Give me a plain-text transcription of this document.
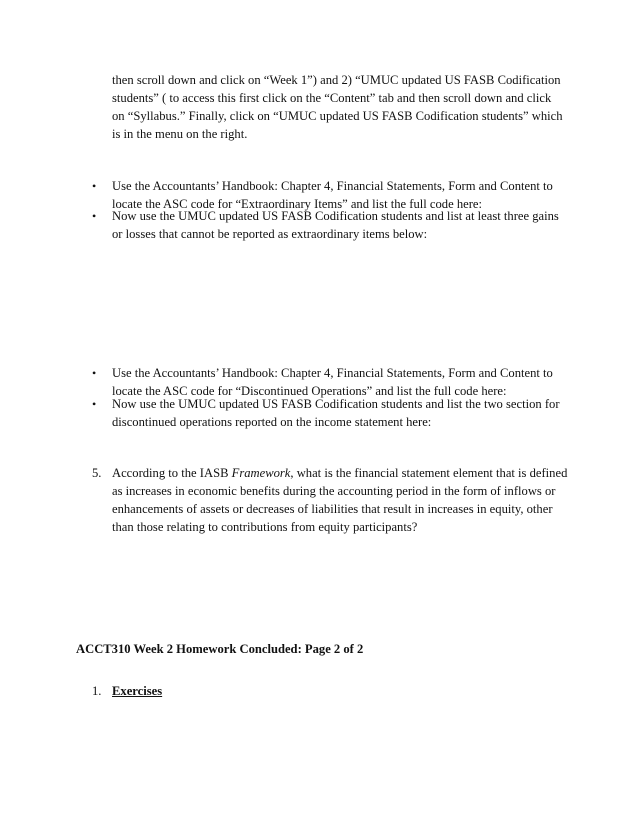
then scroll down and click on “Week 1”) and 2) “UMUC updated US FASB Codification

students” ( to access this first click on the “Content” tab and then scroll down and click

on “Syllabus.” Finally, click on “UMUC updated US FASB Codification students” which

is in the menu on the right.

• Use the Accountants’ Handbook: Chapter 4, Financial Statements, Form and Content to

locate the ASC code for “Extraordinary Items” and list the full code here:

• Now use the UMUC updated US FASB Codification students and list at least three gains

or losses that cannot be reported as extraordinary items below:

• Use the Accountants’ Handbook: Chapter 4, Financial Statements, Form and Content to

locate the ASC code for “Discontinued Operations” and list the full code here:

• Now use the UMUC updated US FASB Codification students and list the two section for

discontinued operations reported on the income statement here:

5. According to the IASB Framework, what is the financial statement element that is defined

as increases in economic benefits during the accounting period in the form of inflows or

enhancements of assets or decreases of liabilities that result in increases in equity, other

than those relating to contributions from equity participants?

ACCT310 Week 2 Homework Concluded: Page 2 of 2

1. Exercises
